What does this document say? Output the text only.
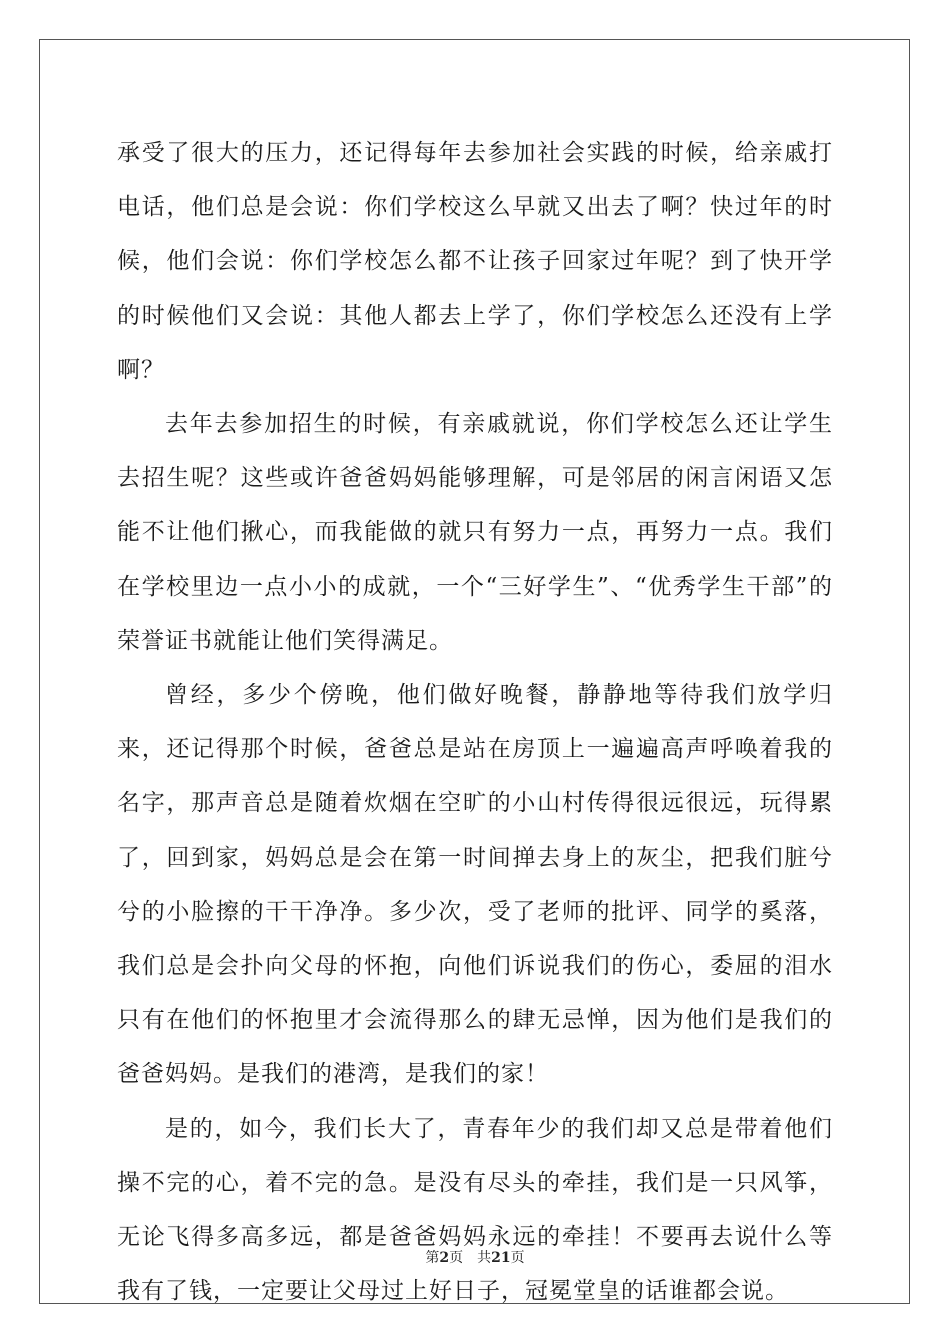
承受了很大的压力，还记得每年去参加社会实践的时候，给亲戚打电话，他们总是会说：你们学校这么早就又出去了啊？快过年的时候，他们会说：你们学校怎么都不让孩子回家过年呢？到了快开学的时候他们又会说：其他人都去上学了，你们学校怎么还没有上学啊？

去年去参加招生的时候，有亲戚就说，你们学校怎么还让学生去招生呢？这些或许爸爸妈妈能够理解，可是邻居的闲言闲语又怎能不让他们揪心，而我能做的就只有努力一点，再努力一点。我们在学校里边一点小小的成就，一个“三好学生”、“优秀学生干部”的荣誉证书就能让他们笑得满足。

曾经，多少个傍晚，他们做好晚餐，静静地等待我们放学归来，还记得那个时候，爸爸总是站在房顶上一遍遍高声呼唤着我的名字，那声音总是随着炊烟在空旷的小山村传得很远很远，玩得累了，回到家，妈妈总是会在第一时间掸去身上的灰尘，把我们脏兮兮的小脸擦的干干净净。多少次，受了老师的批评、同学的奚落，我们总是会扑向父母的怀抱，向他们诉说我们的伤心，委屈的泪水只有在他们的怀抱里才会流得那么的肆无忌惮，因为他们是我们的爸爸妈妈。是我们的港湾，是我们的家！

是的，如今，我们长大了，青春年少的我们却又总是带着他们操不完的心，着不完的急。是没有尽头的牵挂，我们是一只风筝，无论飞得多高多远，都是爸爸妈妈永远的牵挂！不要再去说什么等我有了钱，一定要让父母过上好日子，冠冕堂皇的话谁都会说。

第2页 共21页
